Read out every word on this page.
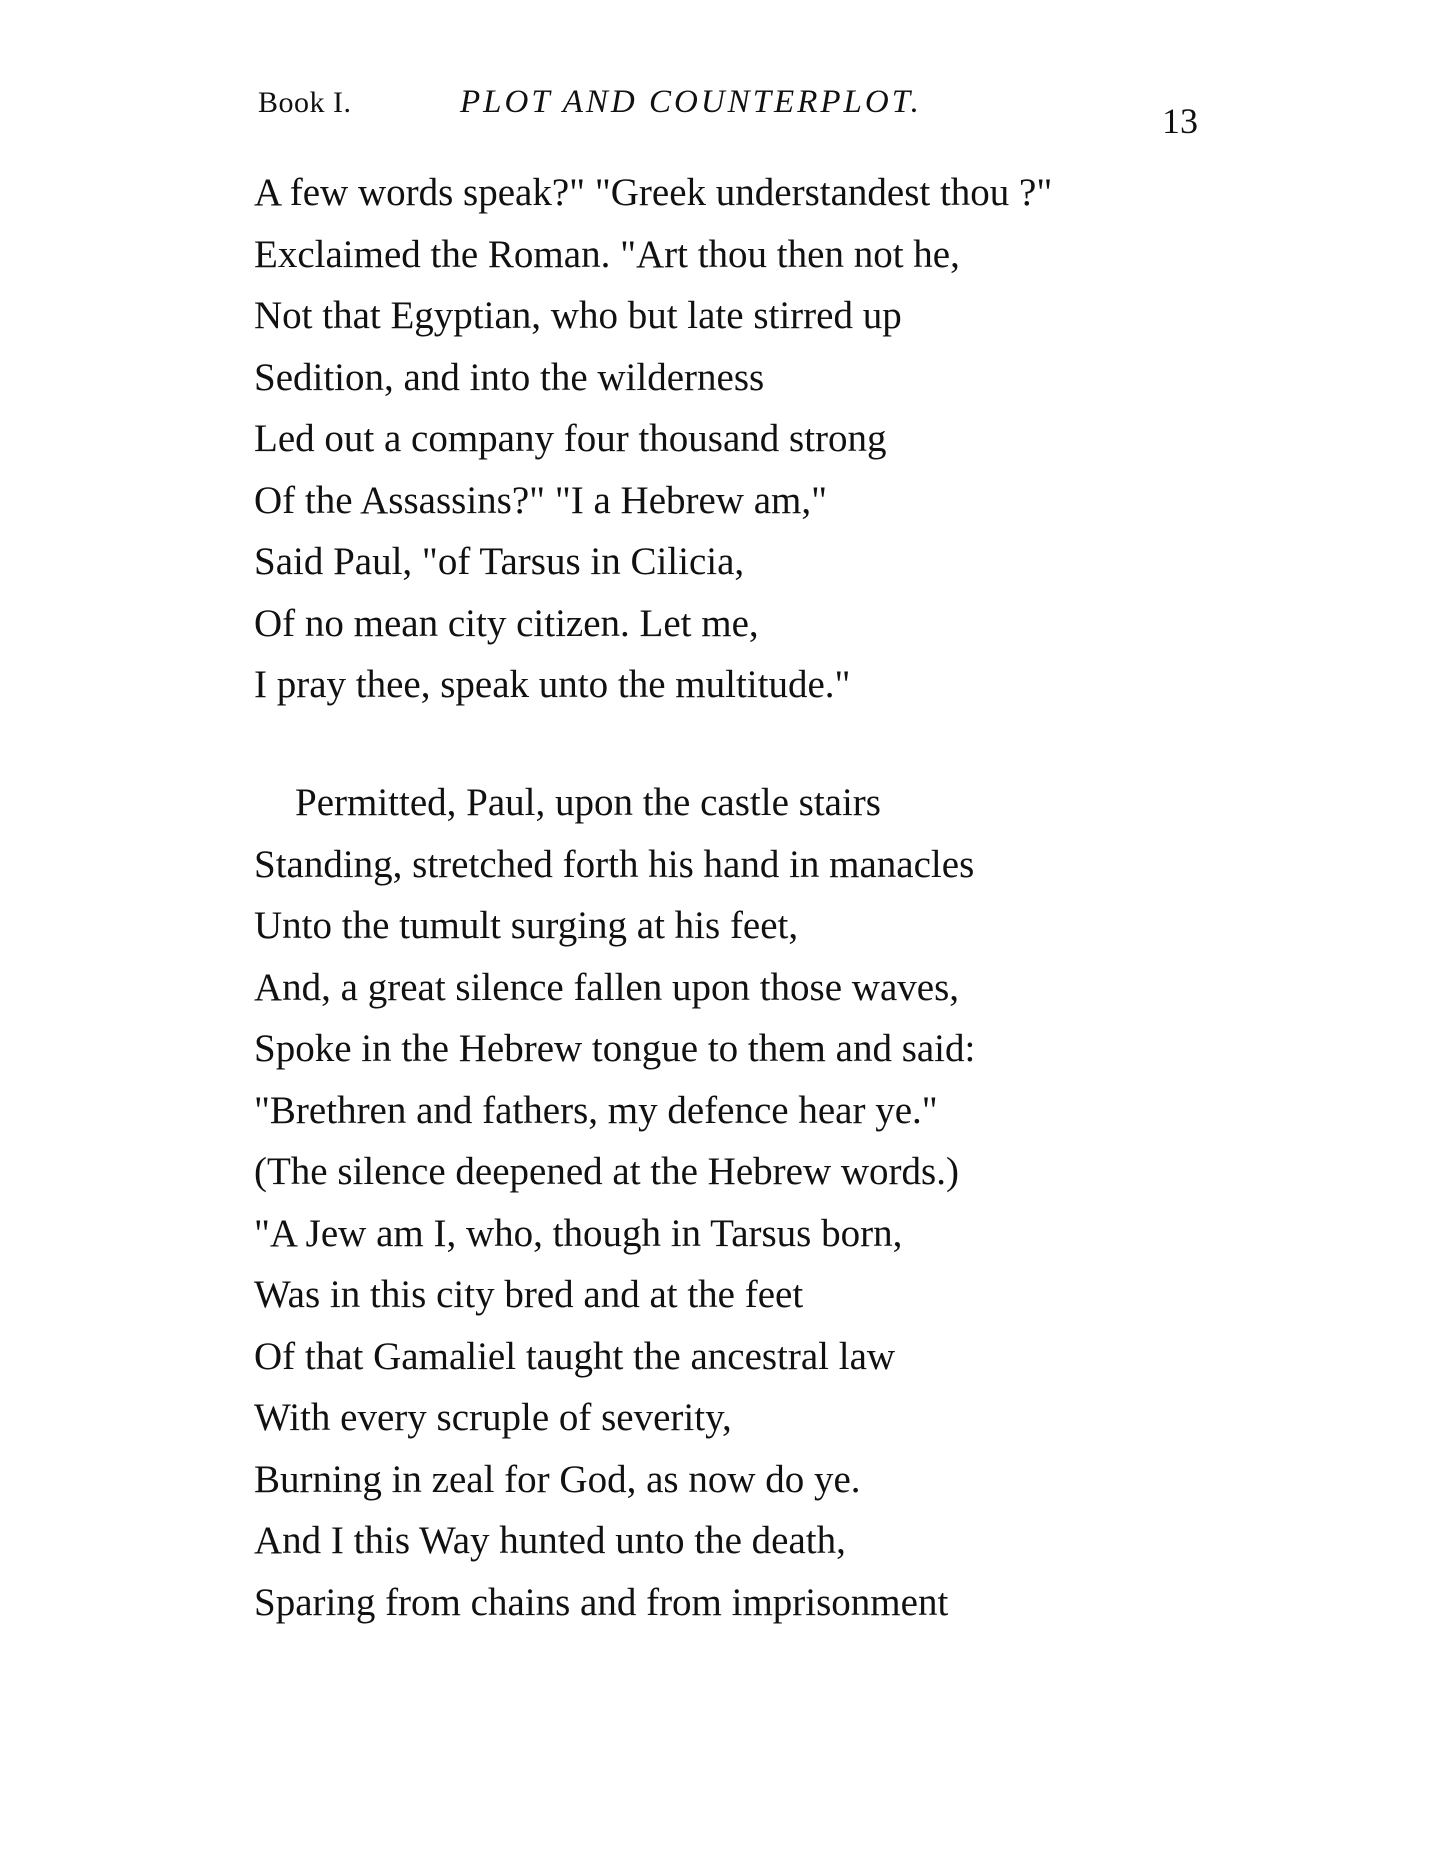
Book I.	PLOT AND COUNTERPLOT.	13
A few words speak?" "Greek understandest thou ?"
Exclaimed the Roman. "Art thou then not he,
Not that Egyptian, who but late stirred up
Sedition, and into the wilderness
Led out a company four thousand strong
Of the Assassins?" "I a Hebrew am,"
Said Paul, "of Tarsus in Cilicia,
Of no mean city citizen. Let me,
I pray thee, speak unto the multitude."
Permitted, Paul, upon the castle stairs
Standing, stretched forth his hand in manacles
Unto the tumult surging at his feet,
And, a great silence fallen upon those waves,
Spoke in the Hebrew tongue to them and said:
"Brethren and fathers, my defence hear ye."
(The silence deepened at the Hebrew words.)
"A Jew am I, who, though in Tarsus born,
Was in this city bred and at the feet
Of that Gamaliel taught the ancestral law
With every scruple of severity,
Burning in zeal for God, as now do ye.
And I this Way hunted unto the death,
Sparing from chains and from imprisonment
